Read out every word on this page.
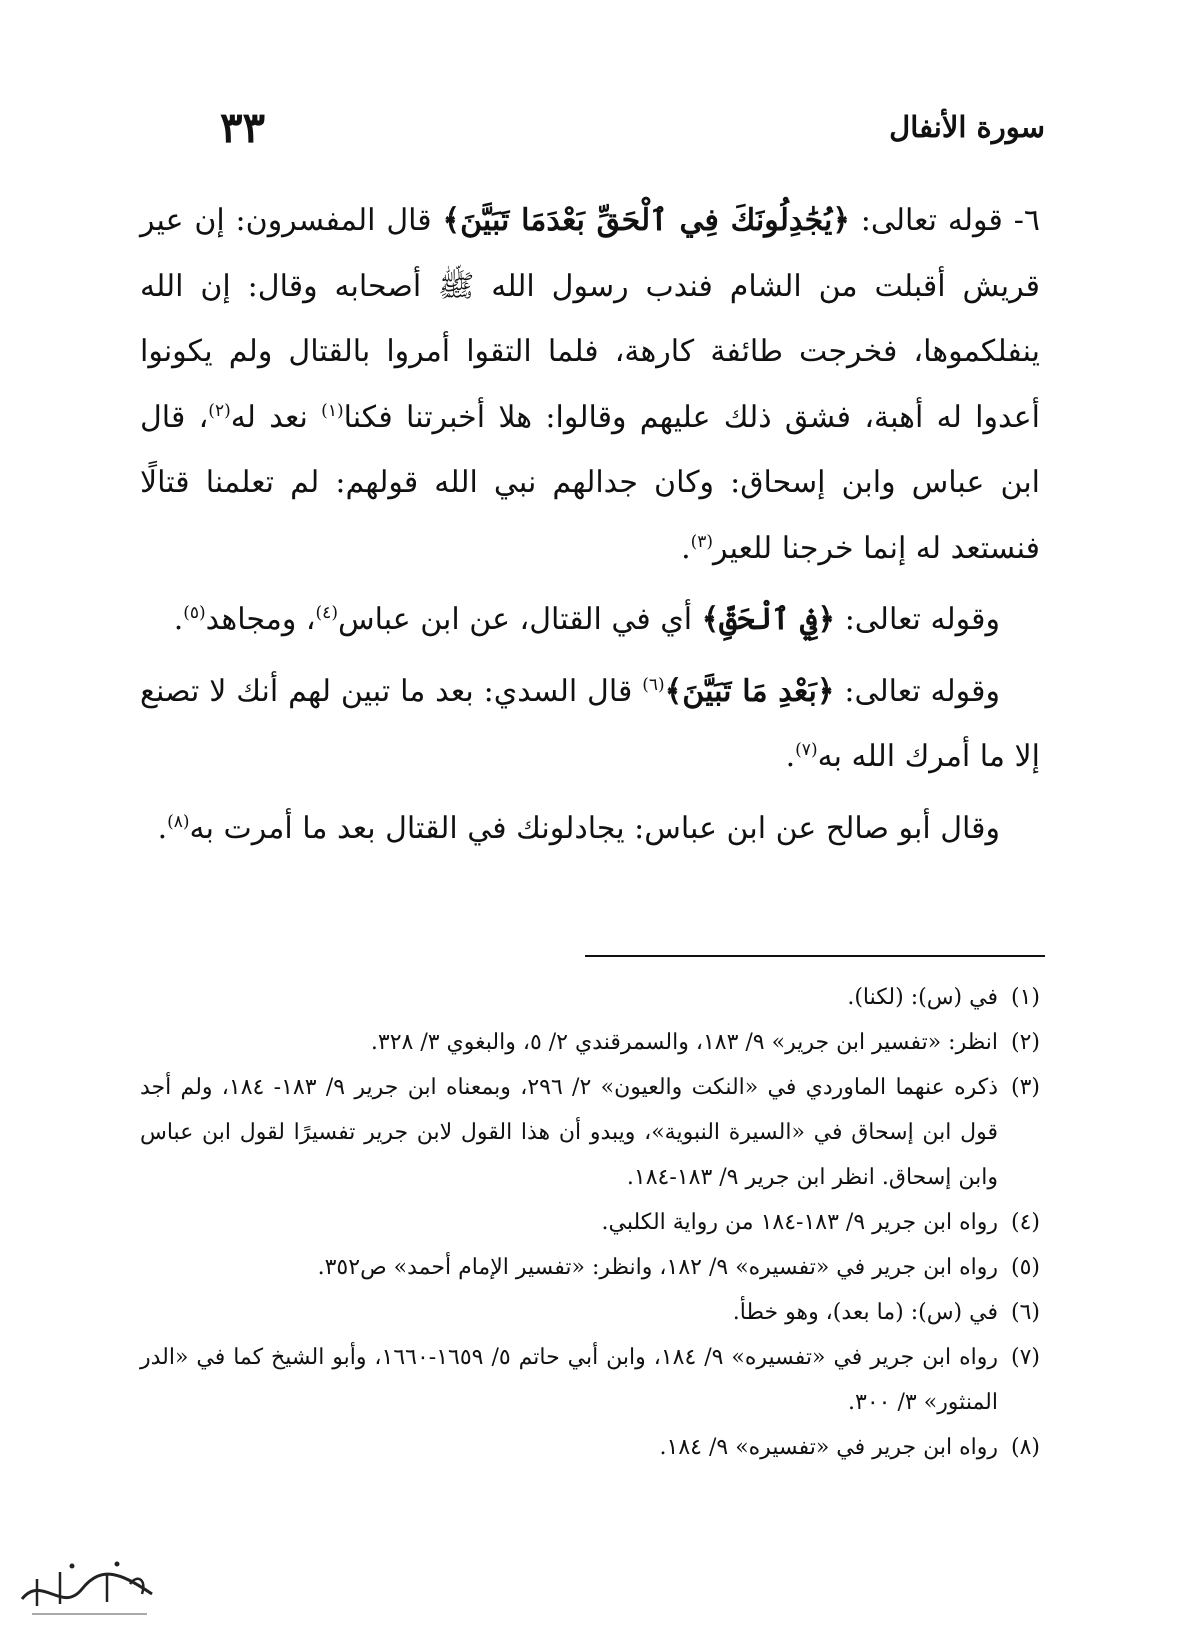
سورة الأنفال
٣٣

٦- قوله تعالى: ﴿يُجَٰدِلُونَكَ فِي ٱلْحَقِّ بَعْدَمَا تَبَيَّنَ﴾ قال المفسرون: إن عير قريش أقبلت من الشام فندب رسول الله ﷺ أصحابه وقال: إن الله ينفلكموها، فخرجت طائفة كارهة، فلما التقوا أمروا بالقتال ولم يكونوا أعدوا له أهبة، فشق ذلك عليهم وقالوا: هلا أخبرتنا فكنا$^{(١)}$ نعد له$^{(٢)}$، قال ابن عباس وابن إسحاق: وكان جدالهم نبي الله قولهم: لم تعلمنا قتالًا فنستعد له إنما خرجنا للعير$^{(٣)}$.

وقوله تعالى: ﴿فِي ٱلْحَقِّ﴾ أي في القتال، عن ابن عباس$^{(٤)}$، ومجاهد$^{(٥)}$.

وقوله تعالى: ﴿بَعْدِ مَا تَبَيَّنَ﴾$^{(٦)}$ قال السدي: بعد ما تبين لهم أنك لا تصنع إلا ما أمرك الله به$^{(٧)}$.

وقال أبو صالح عن ابن عباس: يجادلونك في القتال بعد ما أمرت به$^{(٨)}$.

(١)
في (س): (لكنا).
(٢)
انظر: «تفسير ابن جرير» ٩/ ١٨٣، والسمرقندي ٢/ ٥، والبغوي ٣/ ٣٢٨.
(٣)
ذكره عنهما الماوردي في «النكت والعيون» ٢/ ٢٩٦، وبمعناه ابن جرير ٩/ ١٨٣- ١٨٤، ولم أجد قول ابن إسحاق في «السيرة النبوية»، ويبدو أن هذا القول لابن جرير تفسيرًا لقول ابن عباس وابن إسحاق. انظر ابن جرير ٩/ ١٨٣-١٨٤.
(٤)
رواه ابن جرير ٩/ ١٨٣-١٨٤ من رواية الكلبي.
(٥)
رواه ابن جرير في «تفسيره» ٩/ ١٨٢، وانظر: «تفسير الإمام أحمد» ص٣٥٢.
(٦)
في (س): (ما بعد)، وهو خطأ.
(٧)
رواه ابن جرير في «تفسيره» ٩/ ١٨٤، وابن أبي حاتم ٥/ ١٦٥٩-١٦٦٠، وأبو الشيخ كما في «الدر المنثور» ٣/ ٣٠٠.
(٨)
رواه ابن جرير في «تفسيره» ٩/ ١٨٤.
